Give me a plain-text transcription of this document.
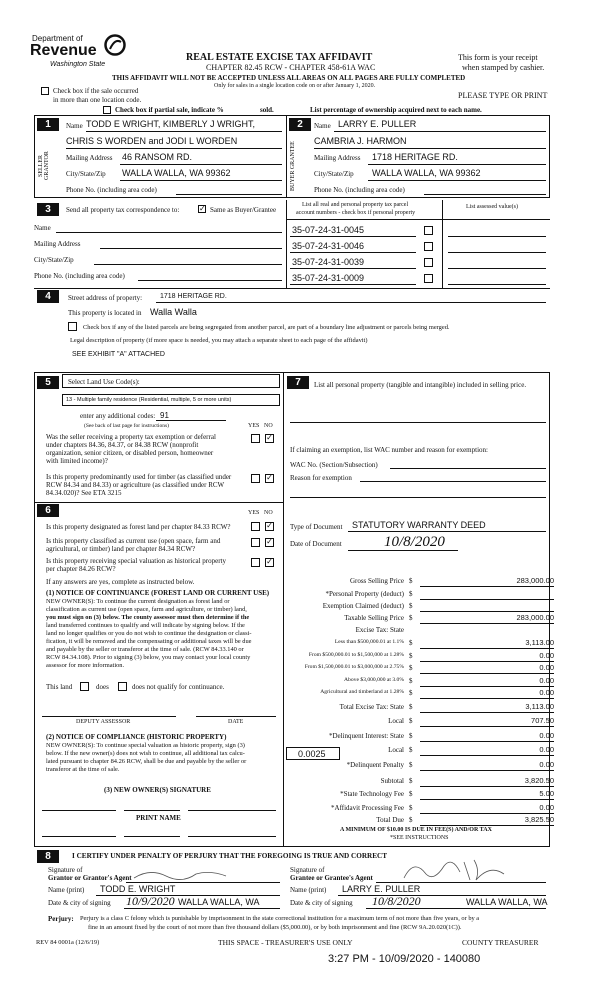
Department of
Revenue
Washington State
REAL ESTATE EXCISE TAX AFFIDAVIT
CHAPTER 82.45 RCW - CHAPTER 458-61A WAC
This form is your receipt
when stamped by cashier.
THIS AFFIDAVIT WILL NOT BE ACCEPTED UNLESS ALL AREAS ON ALL PAGES ARE FULLY COMPLETED
Only for sales in a single location code on or after January 1, 2020.
PLEASE TYPE OR PRINT
Check box if the sale occurred
in more than one location code.
Check box if partial sale, indicate %	sold.	List percentage of ownership acquired next to each name.
1
SELLER GRANTOR
Name TODD E WRIGHT, KIMBERLY J WRIGHT,
CHRIS S WORDEN and JODI L WORDEN
Mailing Address 46 RANSOM RD.
City/State/Zip WALLA WALLA, WA 99362
Phone No. (including area code)
2
BUYER GRANTEE
Name LARRY E. PULLER
CAMBRIA J. HARMON
Mailing Address 1718 HERITAGE RD.
City/State/Zip WALLA WALLA, WA 99362
Phone No. (including area code)
3	Send all property tax correspondence to: ✓ Same as Buyer/Grantee
List all real and personal property tax parcel
account numbers - check box if personal property
List assessed value(s)
Name
Mailing Address
City/State/Zip
Phone No. (including area code)
35-07-24-31-0045
35-07-24-31-0046
35-07-24-31-0039
35-07-24-31-0009
4	Street address of property:	1718 HERITAGE RD.
This property is located in Walla Walla
Check box if any of the listed parcels are being segregated from another parcel, are part of a boundary line adjustment or parcels being merged.
Legal description of property (if more space is needed, you may attach a separate sheet to each page of the affidavit)
SEE EXHIBIT "A" ATTACHED
5	Select Land Use Code(s):
13 - Multiple family residence (Residential, multiple, 5 or more units)
enter any additional codes: 91
(See back of last page for instructions)	YES NO
Was the seller receiving a property tax exemption or deferral
under chapters 84.36, 84.37, or 84.38 RCW (nonprofit
organization, senior citizen, or disabled person, homeowner
with limited income)?
✓
Is this property predominantly used for timber (as classified under
RCW 84.34 and 84.33) or agriculture (as classified under RCW
84.34.020)? See ETA 3215
✓
6	YES NO
Is this property designated as forest land per chapter 84.33 RCW?	✓
Is this property classified as current use (open space, farm and
agricultural, or timber) land per chapter 84.34 RCW?
✓
Is this property receiving special valuation as historical property
per chapter 84.26 RCW?
✓
If any answers are yes, complete as instructed below.
(1) NOTICE OF CONTINUANCE (FOREST LAND OR CURRENT USE)
NEW OWNER(S): To continue the current designation as forest land or
classification as current use (open space, farm and agriculture, or timber) land,
you must sign on (3) below. The county assessor must then determine if the
land transferred continues to qualify and will indicate by signing below. If the
land no longer qualifies or you do not wish to continue the designation or classi-
fication, it will be removed and the compensating or additional taxes will be due
and payable by the seller or transferor at the time of sale. (RCW 84.33.140 or
RCW 84.34.108). Prior to signing (3) below, you may contact your local county
assessor for more information.
This land	does	does not qualify for continuance.
DEPUTY ASSESSOR	DATE
(2) NOTICE OF COMPLIANCE (HISTORIC PROPERTY)
NEW OWNER(S): To continue special valuation as historic property, sign (3)
below. If the new owner(s) does not wish to continue, all additional tax calcu-
lated pursuant to chapter 84.26 RCW, shall be due and payable by the seller or
transferor at the time of sale.
(3) NEW OWNER(S) SIGNATURE
PRINT NAME
7	List all personal property (tangible and intangible) included in selling price.
If claiming an exemption, list WAC number and reason for exemption:
WAC No. (Section/Subsection)
Reason for exemption
Type of Document STATUTORY WARRANTY DEED
Date of Document	10/8/2020
Gross Selling Price $	283,000.00
*Personal Property (deduct) $
Exemption Claimed (deduct) $
Taxable Selling Price $	283,000.00
Excise Tax: State
Less than $500,000.01 at 1.1% $	3,113.00
From $500,000.01 to $1,500,000 at 1.28% $	0.00
From $1,500,000.01 to $3,000,000 at 2.75% $	0.00
Above $3,000,000 at 3.0% $	0.00
Agricultural and timberland at 1.28% $	0.00
Total Excise Tax: State $	3,113.00
Local $	707.50
*Delinquent Interest: State $	0.00
Local $	0.00
*Delinquent Penalty $	0.00
Subtotal $	3,820.50
*State Technology Fee $	5.00
*Affidavit Processing Fee $	0.00
Total Due $	3,825.50
0.0025
A MINIMUM OF $10.00 IS DUE IN FEE(S) AND/OR TAX
*SEE INSTRUCTIONS
8	I CERTIFY UNDER PENALTY OF PERJURY THAT THE FOREGOING IS TRUE AND CORRECT
Signature of
Grantor or Grantor's Agent
Name (print) TODD E. WRIGHT
Date & city of signing 10/9/2020 WALLA WALLA, WA
Signature of
Grantee or Grantee's Agent
Name (print) LARRY E. PULLER
Date & city of signing 10/8/2020	WALLA WALLA, WA
Perjury: Perjury is a class C felony which is punishable by imprisonment in the state correctional institution for a maximum term of not more than five years, or by a
fine in an amount fixed by the court of not more than five thousand dollars ($5,000.00), or by both imprisonment and fine (RCW 9A.20.020(1C)).
REV 84 0001a (12/6/19)	THIS SPACE - TREASURER'S USE ONLY	COUNTY TREASURER
3:27 PM - 10/09/2020 - 140080
